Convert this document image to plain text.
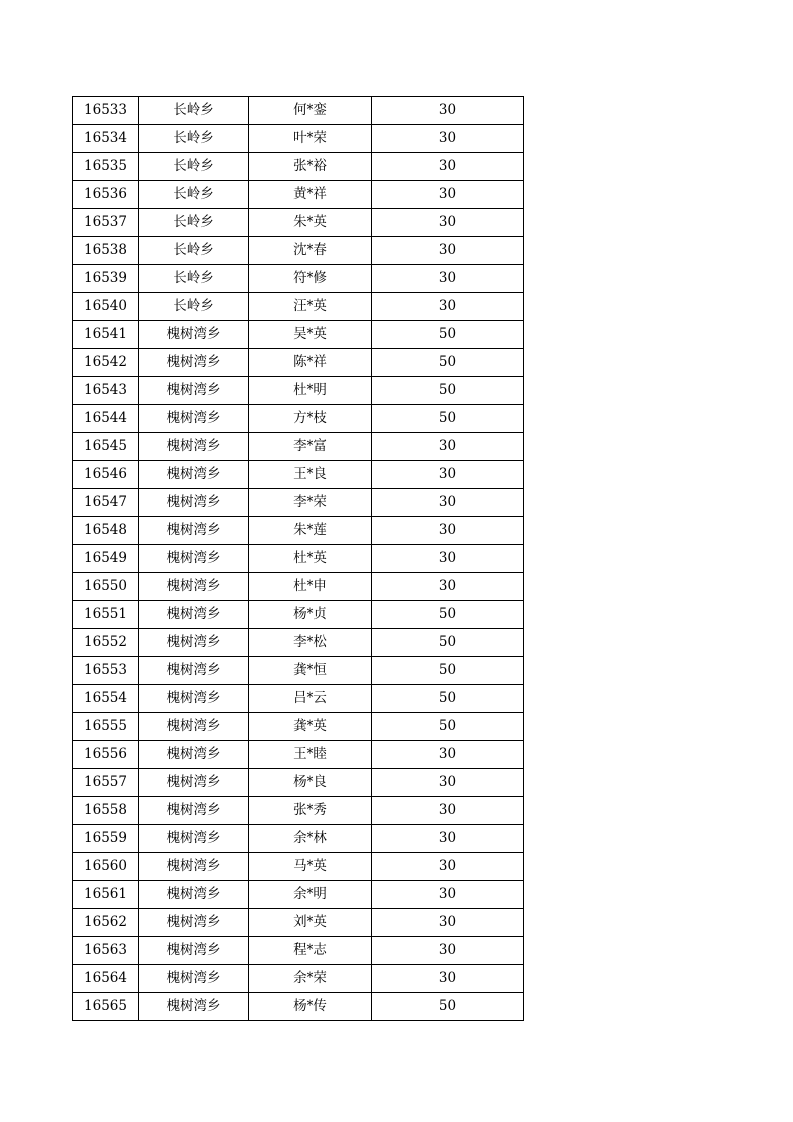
16533	长岭乡	何*銮	30
16534	长岭乡	叶*荣	30
16535	长岭乡	张*裕	30
16536	长岭乡	黄*祥	30
16537	长岭乡	朱*英	30
16538	长岭乡	沈*春	30
16539	长岭乡	符*修	30
16540	长岭乡	汪*英	30
16541	槐树湾乡	吴*英	50
16542	槐树湾乡	陈*祥	50
16543	槐树湾乡	杜*明	50
16544	槐树湾乡	方*枝	50
16545	槐树湾乡	李*富	30
16546	槐树湾乡	王*良	30
16547	槐树湾乡	李*荣	30
16548	槐树湾乡	朱*莲	30
16549	槐树湾乡	杜*英	30
16550	槐树湾乡	杜*申	30
16551	槐树湾乡	杨*贞	50
16552	槐树湾乡	李*松	50
16553	槐树湾乡	龚*恒	50
16554	槐树湾乡	吕*云	50
16555	槐树湾乡	龚*英	50
16556	槐树湾乡	王*睦	30
16557	槐树湾乡	杨*良	30
16558	槐树湾乡	张*秀	30
16559	槐树湾乡	余*林	30
16560	槐树湾乡	马*英	30
16561	槐树湾乡	余*明	30
16562	槐树湾乡	刘*英	30
16563	槐树湾乡	程*志	30
16564	槐树湾乡	余*荣	30
16565	槐树湾乡	杨*传	50
